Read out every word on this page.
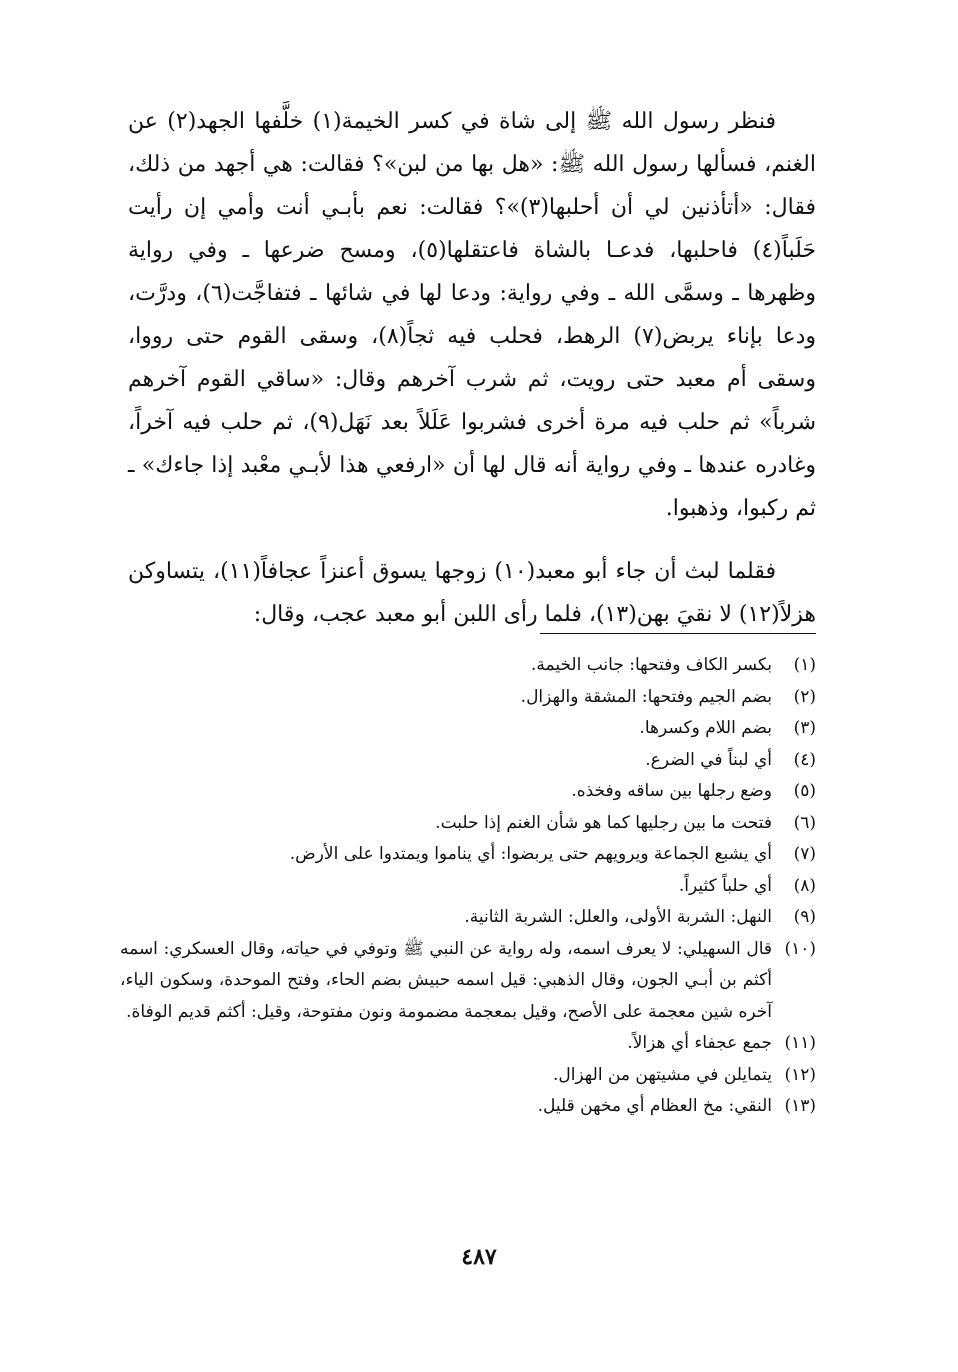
فنظر رسول الله ﷺ إلى شاة في كسر الخيمة(١) خلَّفها الجهد(٢) عن الغنم، فسألها رسول الله ﷺ: «هل بها من لبن»؟ فقالت: هي أجهد من ذلك، فقال: «أتأذنين لي أن أحلبها(٣)»؟ فقالت: نعم بأبـي أنت وأمي إن رأيت حَلَباً(٤) فاحلبها، فدعـا بالشاة فاعتقلها(٥)، ومسح ضرعها ـ وفي رواية وظهرها ـ وسمَّى الله ـ وفي رواية: ودعا لها في شائها ـ فتفاجَّت(٦)، ودرَّت، ودعا بإناء يربض(٧) الرهط، فحلب فيه ثجاً(٨)، وسقى القوم حتى رووا، وسقى أم معبد حتى رويت، ثم شرب آخرهم وقال: «ساقي القوم آخرهم شرباً» ثم حلب فيه مرة أخرى فشربوا عَلَلاً بعد نَهَل(٩)، ثم حلب فيه آخراً، وغادره عندها ـ وفي رواية أنه قال لها أن «ارفعي هذا لأبـي معْبد إذا جاءك» ـ ثم ركبوا، وذهبوا.

فقلما لبث أن جاء أبو معبد(١٠) زوجها يسوق أعنزاً عجافاً(١١)، يتساوكن هزلاً(١٢) لا نقيَ بهن(١٣)، فلما رأى اللبن أبو معبد عجب، وقال:

(١)
بكسر الكاف وفتحها: جانب الخيمة.
(٢)
بضم الجيم وفتحها: المشقة والهزال.
(٣)
بضم اللام وكسرها.
(٤)
أي لبناً في الضرع.
(٥)
وضع رجلها بين ساقه وفخذه.
(٦)
فتحت ما بين رجليها كما هو شأن الغنم إذا حلبت.
(٧)
أي يشبع الجماعة ويرويهم حتى يربضوا: أي يناموا ويمتدوا على الأرض.
(٨)
أي حلباً كثيراً.
(٩)
النهل: الشربة الأولى، والعلل: الشربة الثانية.
(١٠)
قال السهيلي: لا يعرف اسمه، وله رواية عن النبي ﷺ وتوفي في حياته، وقال العسكري: اسمه أكثم بن أبـي الجون، وقال الذهبي: قيل اسمه حبيش بضم الحاء، وفتح الموحدة، وسكون الياء، آخره شين معجمة على الأصح، وقيل بمعجمة مضمومة ونون مفتوحة، وقيل: أكثم قديم الوفاة.
(١١)
جمع عجفاء أي هزالاً.
(١٢)
يتمايلن في مشيتهن من الهزال.
(١٣)
النقي: مخ العظام أي مخهن قليل.
٤٨٧
